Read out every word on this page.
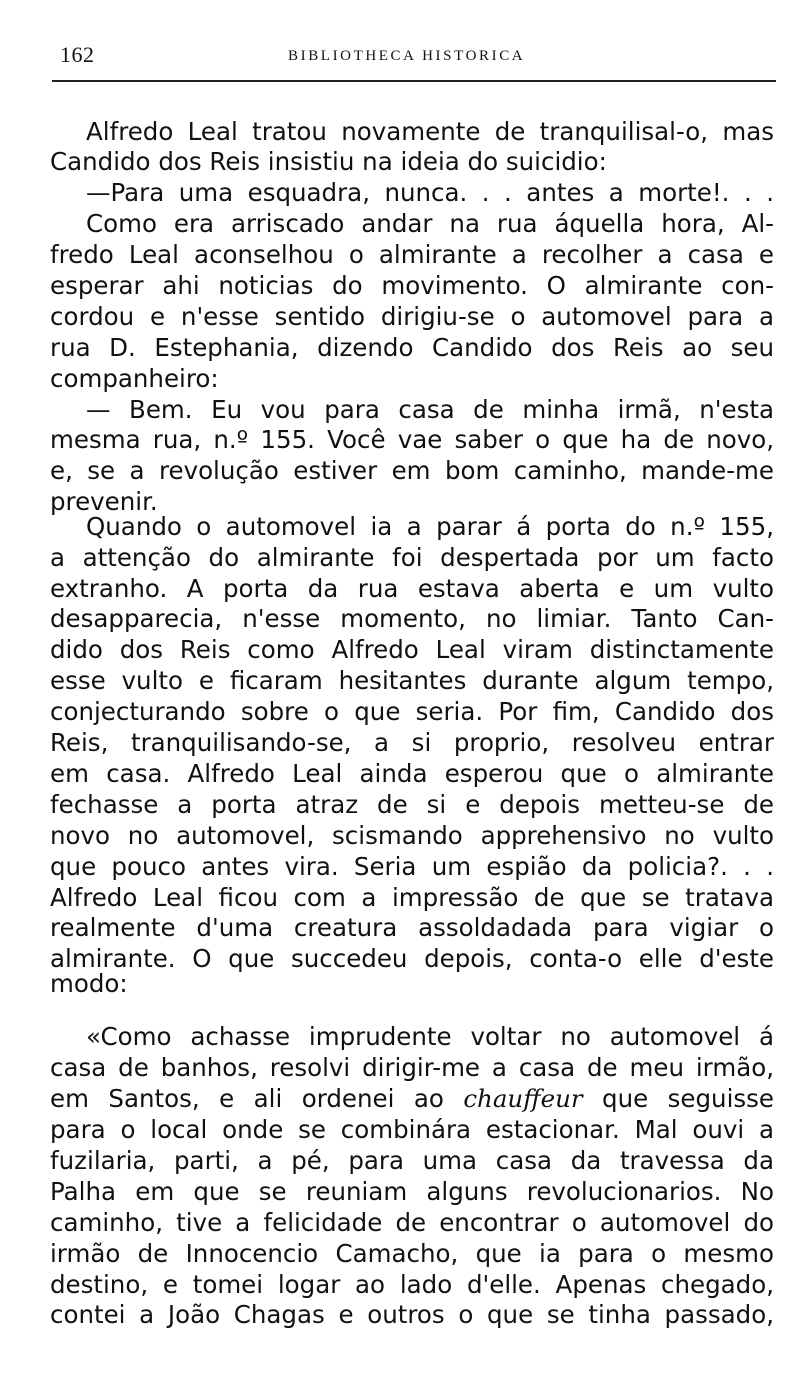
162	BIBLIOTHECA HISTORICA
Alfredo Leal tratou novamente de tranquilisal-o, mas
Candido dos Reis insistiu na ideia do suicidio:
—Para uma esquadra, nunca. . . antes a morte!. . .
Como era arriscado andar na rua áquella hora, Al-
fredo Leal aconselhou o almirante a recolher a casa e
esperar ahi noticias do movimento. O almirante con-
cordou e n'esse sentido dirigiu-se o automovel para a
rua D. Estephania, dizendo Candido dos Reis ao seu
companheiro:
— Bem. Eu vou para casa de minha irmã, n'esta
mesma rua, n.º 155. Você vae saber o que ha de novo,
e, se a revolução estiver em bom caminho, mande-me
prevenir.
Quando o automovel ia a parar á porta do n.º 155,
a attenção do almirante foi despertada por um facto
extranho. A porta da rua estava aberta e um vulto
desapparecia, n'esse momento, no limiar. Tanto Can-
dido dos Reis como Alfredo Leal viram distinctamente
esse vulto e ficaram hesitantes durante algum tempo,
conjecturando sobre o que seria. Por fim, Candido dos
Reis, tranquilisando-se, a si proprio, resolveu entrar
em casa. Alfredo Leal ainda esperou que o almirante
fechasse a porta atraz de si e depois metteu-se de
novo no automovel, scismando apprehensivo no vulto
que pouco antes vira. Seria um espião da policia?. . .
Alfredo Leal ficou com a impressão de que se tratava
realmente d'uma creatura assoldadada para vigiar o
almirante. O que succedeu depois, conta-o elle d'este
modo:
«Como achasse imprudente voltar no automovel á
casa de banhos, resolvi dirigir-me a casa de meu irmão,
em Santos, e ali ordenei ao chauffeur que seguisse
para o local onde se combinára estacionar. Mal ouvi a
fuzilaria, parti, a pé, para uma casa da travessa da
Palha em que se reuniam alguns revolucionarios. No
caminho, tive a felicidade de encontrar o automovel do
irmão de Innocencio Camacho, que ia para o mesmo
destino, e tomei logar ao lado d'elle. Apenas chegado,
contei a João Chagas e outros o que se tinha passado,
